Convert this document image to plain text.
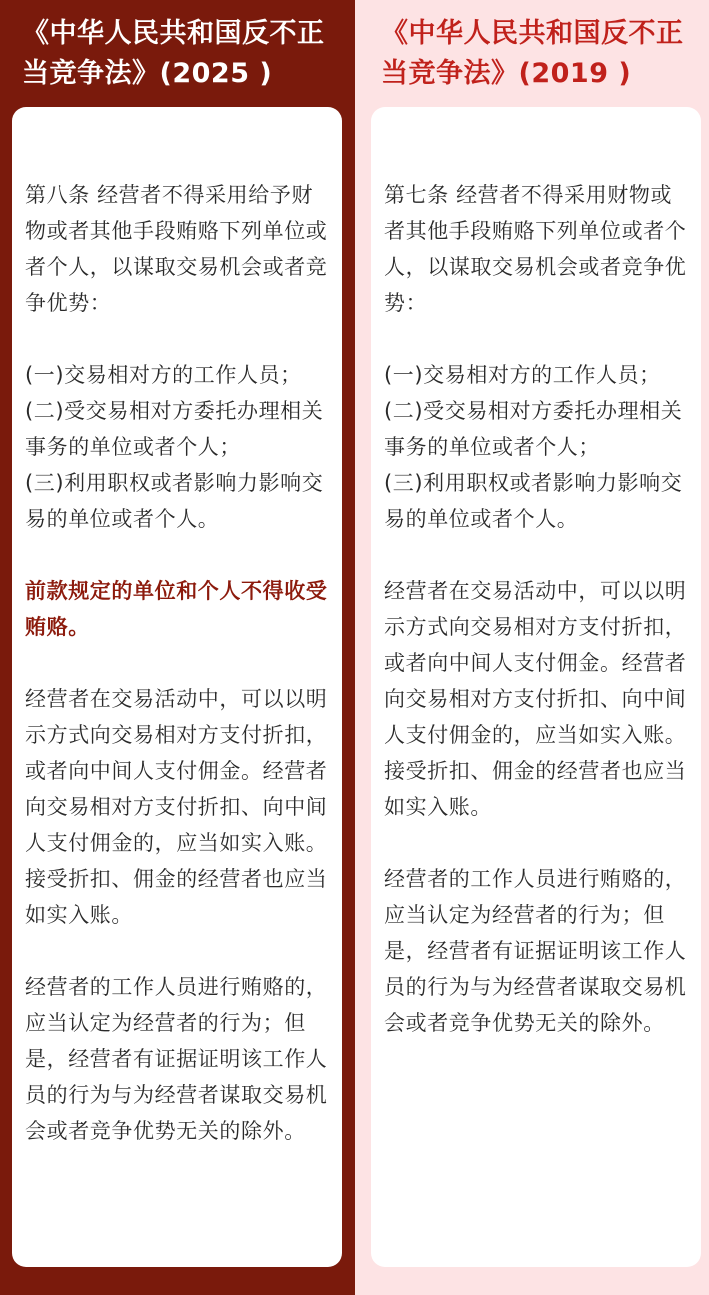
《中华人民共和国反不正
当竞争法》(2025 )

第八条 经营者不得采用给予财物或者其他手段贿赂下列单位或者个人，以谋取交易机会或者竞争优势：

(一)交易相对方的工作人员；

(二)受交易相对方委托办理相关事务的单位或者个人；

(三)利用职权或者影响力影响交易的单位或者个人。

前款规定的单位和个人不得收受贿赂。

经营者在交易活动中，可以以明示方式向交易相对方支付折扣，或者向中间人支付佣金。经营者向交易相对方支付折扣、向中间人支付佣金的，应当如实入账。接受折扣、佣金的经营者也应当如实入账。

经营者的工作人员进行贿赂的，应当认定为经营者的行为；但是，经营者有证据证明该工作人员的行为与为经营者谋取交易机会或者竞争优势无关的除外。

《中华人民共和国反不正
当竞争法》(2019 )

第七条 经营者不得采用财物或者其他手段贿赂下列单位或者个人，以谋取交易机会或者竞争优势：

(一)交易相对方的工作人员；

(二)受交易相对方委托办理相关事务的单位或者个人；

(三)利用职权或者影响力影响交易的单位或者个人。

经营者在交易活动中，可以以明示方式向交易相对方支付折扣，或者向中间人支付佣金。经营者向交易相对方支付折扣、向中间人支付佣金的，应当如实入账。接受折扣、佣金的经营者也应当如实入账。

经营者的工作人员进行贿赂的，应当认定为经营者的行为；但是，经营者有证据证明该工作人员的行为与为经营者谋取交易机会或者竞争优势无关的除外。
